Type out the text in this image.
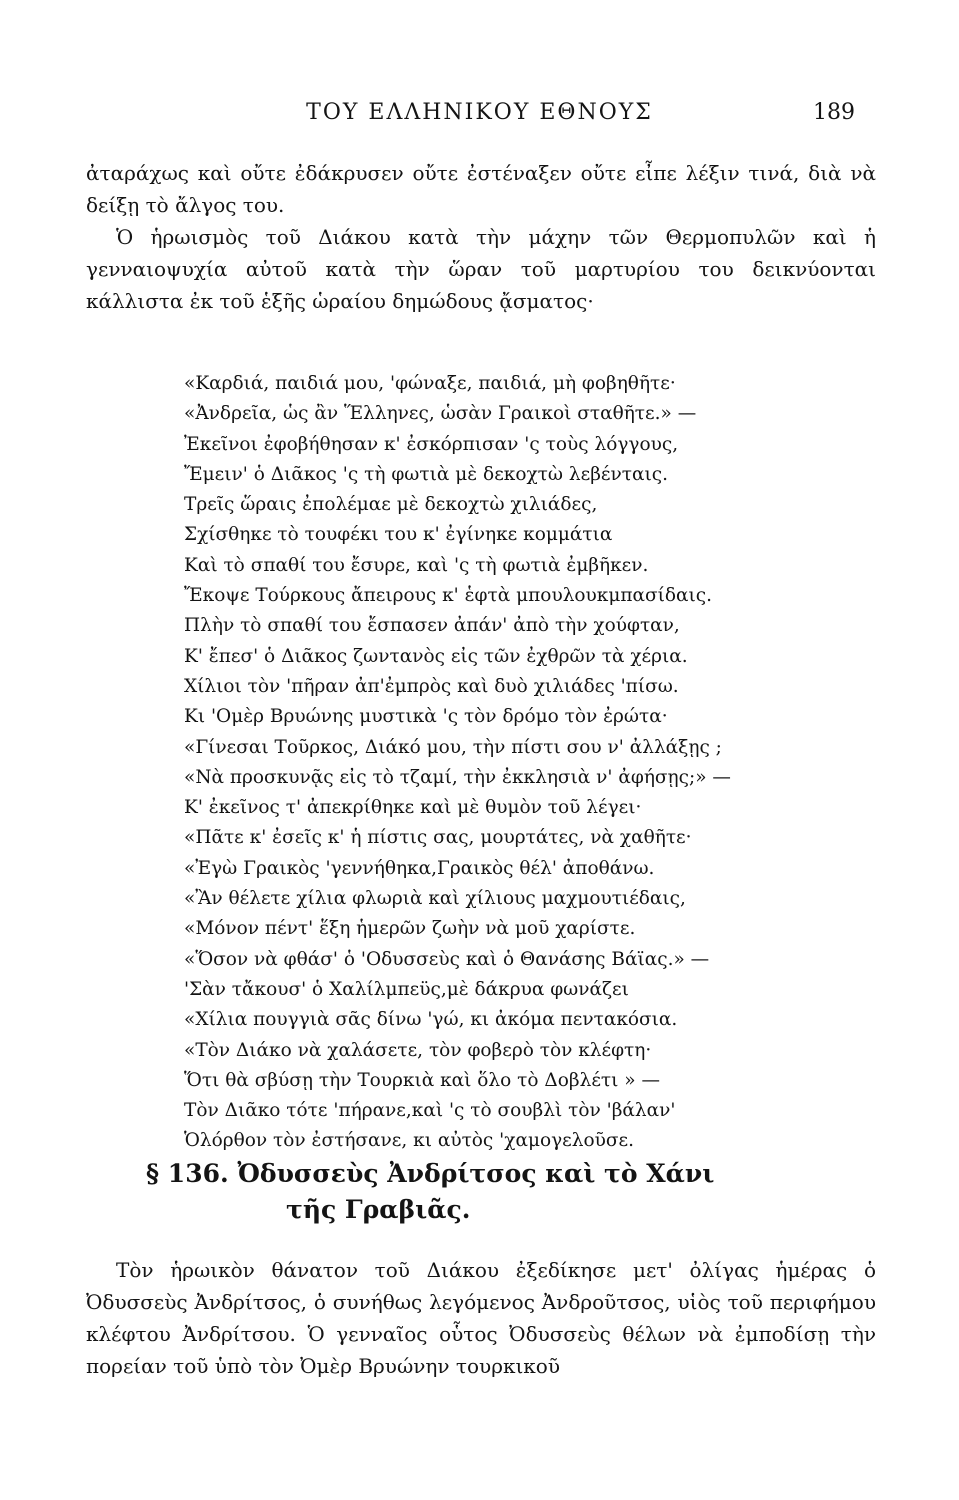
ΤΟΥ ΕΛΛΗΝΙΚΟΥ ΕΘΝΟΥΣ	189

ἀταράχως καὶ οὔτε ἐδάκρυσεν οὔτε ἐστέναξεν οὔτε εἶπε λέξιν τινά, διὰ νὰ δείξῃ τὸ ἄλγος του.

Ὁ ἡρωισμὸς τοῦ Διάκου κατὰ τὴν μάχην τῶν Θερμοπυλῶν καὶ ἡ γενναιοψυχία αὐτοῦ κατὰ τὴν ὥραν τοῦ μαρτυρίου του δεικνύονται κάλλιστα ἐκ τοῦ ἑξῆς ὡραίου δημώδους ᾄσματος·

«Καρδιά, παιδιά μου, 'φώναξε, παιδιά, μὴ φοβηθῆτε·
«Ἀνδρεῖα, ὡς ἂν Ἕλληνες, ὡσὰν Γραικοὶ σταθῆτε.» —
Ἐκεῖνοι ἐφοβήθησαν κ' ἐσκόρπισαν 'ς τοὺς λόγγους,
Ἔμειν' ὁ Διᾶκος 'ς τὴ φωτιὰ μὲ δεκοχτὼ λεβένταις.
Τρεῖς ὥραις ἐπολέμαε μὲ δεκοχτὼ χιλιάδες,
Σχίσθηκε τὸ τουφέκι του κ' ἐγίνηκε κομμάτια
Καὶ τὸ σπαθί του ἔσυρε, καὶ 'ς τὴ φωτιὰ ἐμβῆκεν.
Ἔκοψε Τούρκους ἄπειρους κ' ἑφτὰ μπουλουκμπασίδαις.
Πλὴν τὸ σπαθί του ἔσπασεν ἀπάν' ἀπὸ τὴν χούφταν,
Κ' ἔπεσ' ὁ Διᾶκος ζωντανὸς εἰς τῶν ἐχθρῶν τὰ χέρια.
Χίλιοι τὸν 'πῆραν ἀπ'ἐμπρὸς καὶ δυὸ χιλιάδες 'πίσω.
Κι 'Ομὲρ Βρυώνης μυστικὰ 'ς τὸν δρόμο τὸν ἐρώτα·
«Γίνεσαι Τοῦρκος, Διάκό μου, τὴν πίστι σου ν' ἀλλάξῃς ;
«Νὰ προσκυνᾷς εἰς τὸ τζαμί, τὴν ἐκκλησιὰ ν' ἀφήσῃς;» —
Κ' ἐκεῖνος τ' ἀπεκρίθηκε καὶ μὲ θυμὸν τοῦ λέγει·
«Πᾶτε κ' ἐσεῖς κ' ἡ πίστις σας, μουρτάτες, νὰ χαθῆτε·
«Ἐγὼ Γραικὸς 'γεννήθηκα,Γραικὸς θέλ' ἀποθάνω.
«Ἂν θέλετε χίλια φλωριὰ καὶ χίλιους μαχμουτιέδαις,
«Μόνον πέντ' ἕξη ἡμερῶν ζωὴν νὰ μοῦ χαρίστε.
«Ὅσον νὰ φθάσ' ὁ 'Οδυσσεὺς καὶ ὁ Θανάσης Βάϊας.» —
'Σὰν τἄκουσ' ὁ Χαλίλμπεϋς,μὲ δάκρυα φωνάζει
«Χίλια πουγγιὰ σᾶς δίνω 'γώ, κι ἀκόμα πεντακόσια.
«Τὸν Διάκο νὰ χαλάσετε, τὸν φοβερὸ τὸν κλέφτη·
Ὅτι θὰ σβύσῃ τὴν Τουρκιὰ καὶ ὅλο τὸ Δοβλέτι » —
Τὸν Διᾶκο τότε 'πήρανε,καὶ 'ς τὸ σουβλὶ τὸν 'βάλαν'
Ὁλόρθον τὸν ἐστήσανε, κι αὐτὸς 'χαμογελοῦσε.
§ 136. Ὀδυσσεὺς Ἀνδρίτσος καὶ τὸ Χάνι
τῆς Γραβιᾶς.

Τὸν ἡρωικὸν θάνατον τοῦ Διάκου ἐξεδίκησε μετ' ὀλίγας ἡμέρας ὁ Ὀδυσσεὺς Ἀνδρίτσος, ὁ συνήθως λεγόμενος Ἀνδροῦτσος, υἱὸς τοῦ περιφήμου κλέφτου Ἀνδρίτσου. Ὁ γενναῖος οὗτος Ὀδυσσεὺς θέλων νὰ ἐμποδίσῃ τὴν πορείαν τοῦ ὑπὸ τὸν Ὀμὲρ Βρυώνην τουρκικοῦ
